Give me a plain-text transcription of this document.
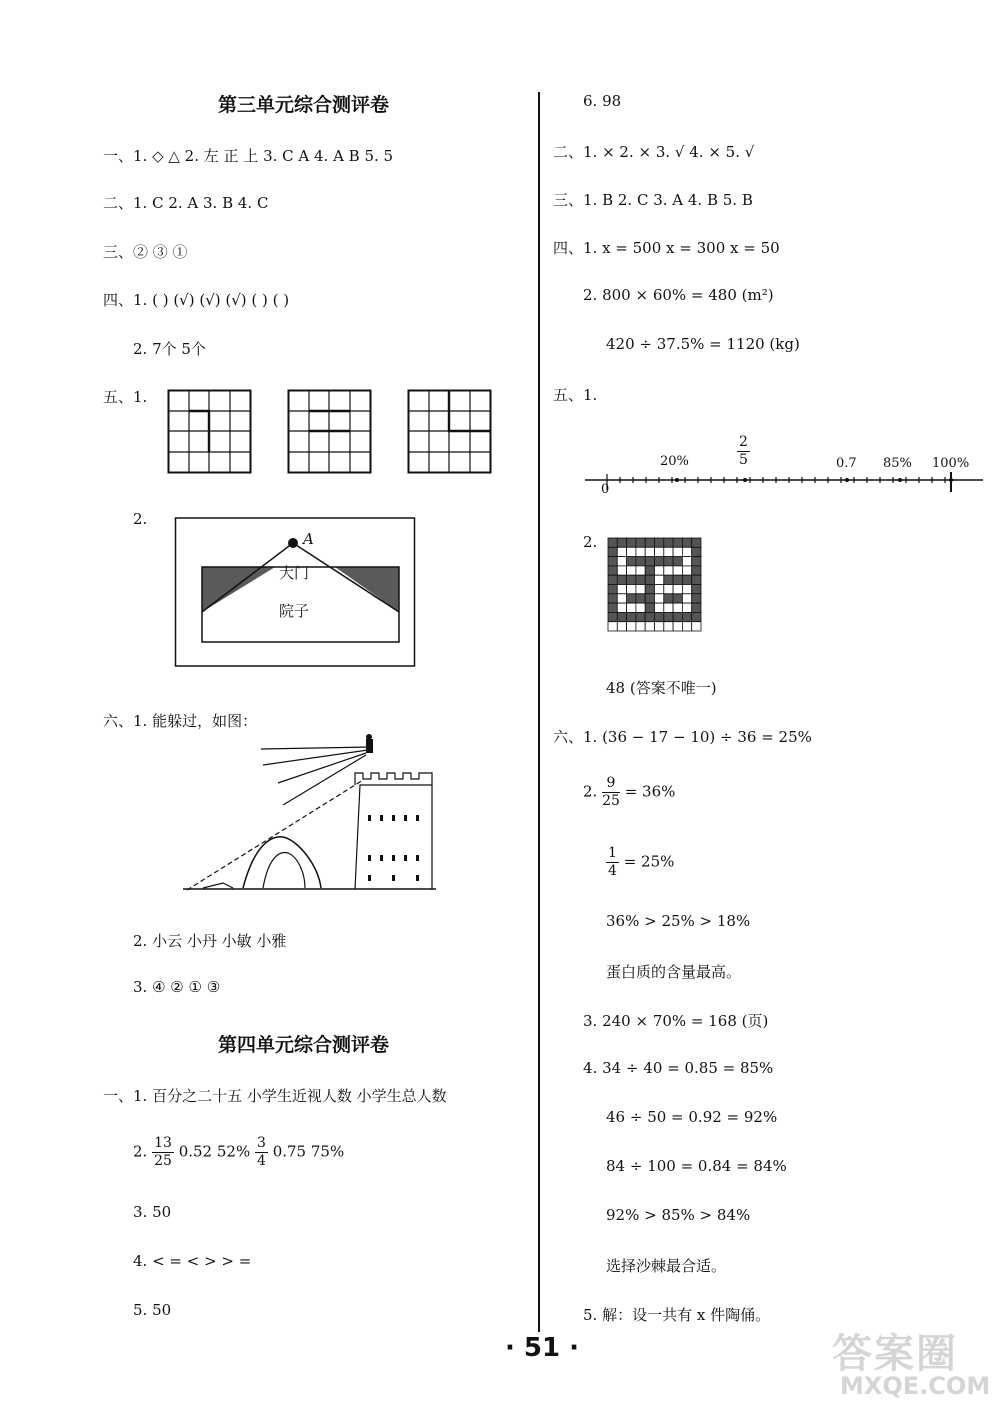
第三单元综合测评卷
一、1. ◇ △ 2. 左 正 上 3. C A 4. A B 5. 5
二、1. C 2. A 3. B 4. C
三、② ③ ①
四、1. ( ) (√) (√) (√) ( ) ( )
2. 7个 5个
五、1.
2.
A
大门
院子
六、1. 能躲过，如图：
2. 小云 小丹 小敏 小雅
3. ④ ② ① ③
第四单元综合测评卷
一、1. 百分之二十五 小学生近视人数 小学生总人数
2. $\frac{13}{25} 0.52$ $52\% \frac{3}{4} 0.75$ 75%
3. 50
4. < = < > > =
5. 50
6. 98
二、1. × 2. × 3. √ 4. × 5. √
三、1. B 2. C 3. A 4. B 5. B
四、1. x = 500 x = 300 x = 50
2. 800 × 60% = 480 (m²)
420 ÷ 37.5% = 1120 (kg)
五、1.
0
20%	$\frac{2}{5}$	0.7 85% 100%
2.
48 (答案不唯一)
六、1. (36 − 17 − 10) ÷ 36 = 25%
2. $\frac{9}{25} = 36\%$
$\frac{1}{4} = 25\%$
36% > 25% > 18%
蛋白质的含量最高。
3. 240 × 70% = 168 (页)
4. 34 ÷ 40 = 0.85 = 85%
46 ÷ 50 = 0.92 = 92%
84 ÷ 100 = 0.84 = 84%
92% > 85% > 84%
选择沙棘最合适。
5. 解：设一共有 x 件陶俑。
· 51 ·	答案圈
MXQE.COM
